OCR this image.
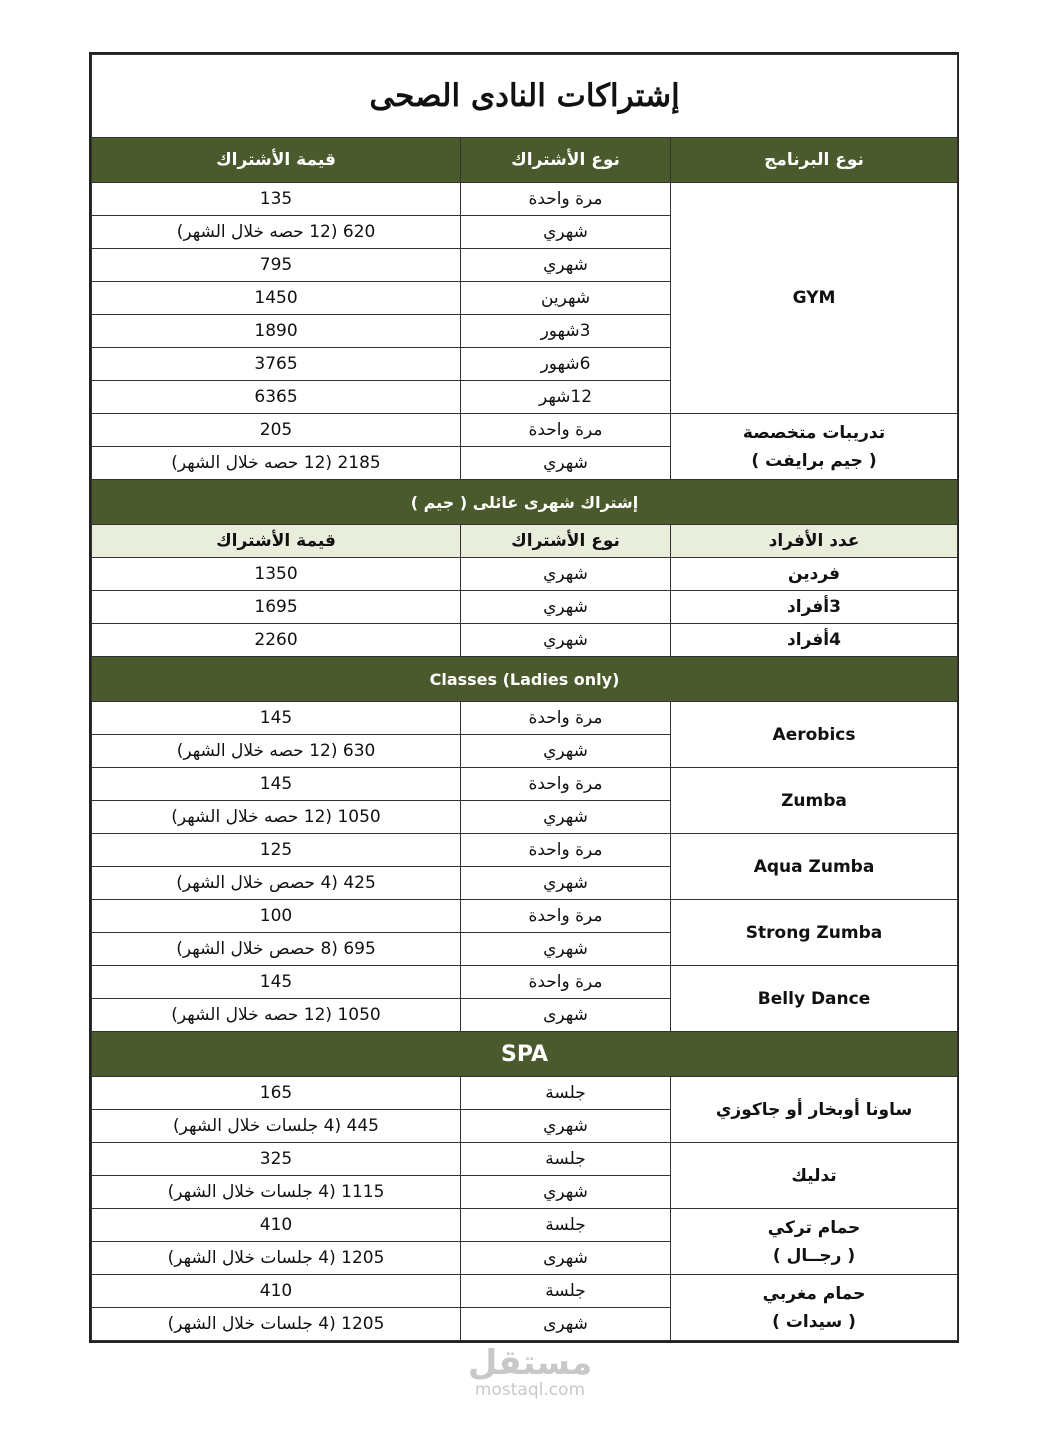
إشتراكات النادى الصحى		
نوع البرنامج	نوع الأشتراك	قيمة الأشتراك
GYM	مرة واحدة	135
	شهري	620 (12 حصه خلال الشهر)
	شهري	795
	شهرين	1450
	3شهور	1890
	6شهور	3765
	12شهر	6365

تدريبات متخصصة
( جيم برايفت )	مرة واحدة	205
	شهري	2185 (12 حصه خلال الشهر)
إشتراك شهرى عائلى ( جيم )		
عدد الأفراد	نوع الأشتراك	قيمة الأشتراك
فردين	شهري	1350
3أفراد	شهري	1695
4أفراد	شهري	2260
Classes (Ladies only)		
Aerobics	مرة واحدة	145
	شهري	630 (12 حصه خلال الشهر)
Zumba	مرة واحدة	145
	شهري	1050 (12 حصه خلال الشهر)
Aqua Zumba	مرة واحدة	125
	شهري	425 (4 حصص خلال الشهر)
Strong Zumba	مرة واحدة	100
	شهري	695 (8 حصص خلال الشهر)
Belly Dance	مرة واحدة	145
	شهرى	1050 (12 حصه خلال الشهر)
SPA		

ساونا أوبخار أو جاكوزي	جلسة	165
	شهري	445 (4 جلسات خلال الشهر)

تدليك	جلسة	325
	شهري	1115 (4 جلسات خلال الشهر)

حمام تركي
( رجــال )	جلسة	410
	شهرى	1205 (4 جلسات خلال الشهر)

حمام مغربي
( سيدات )	جلسة	410
	شهرى	1205 (4 جلسات خلال الشهر)
مستقل
mostaql.com
